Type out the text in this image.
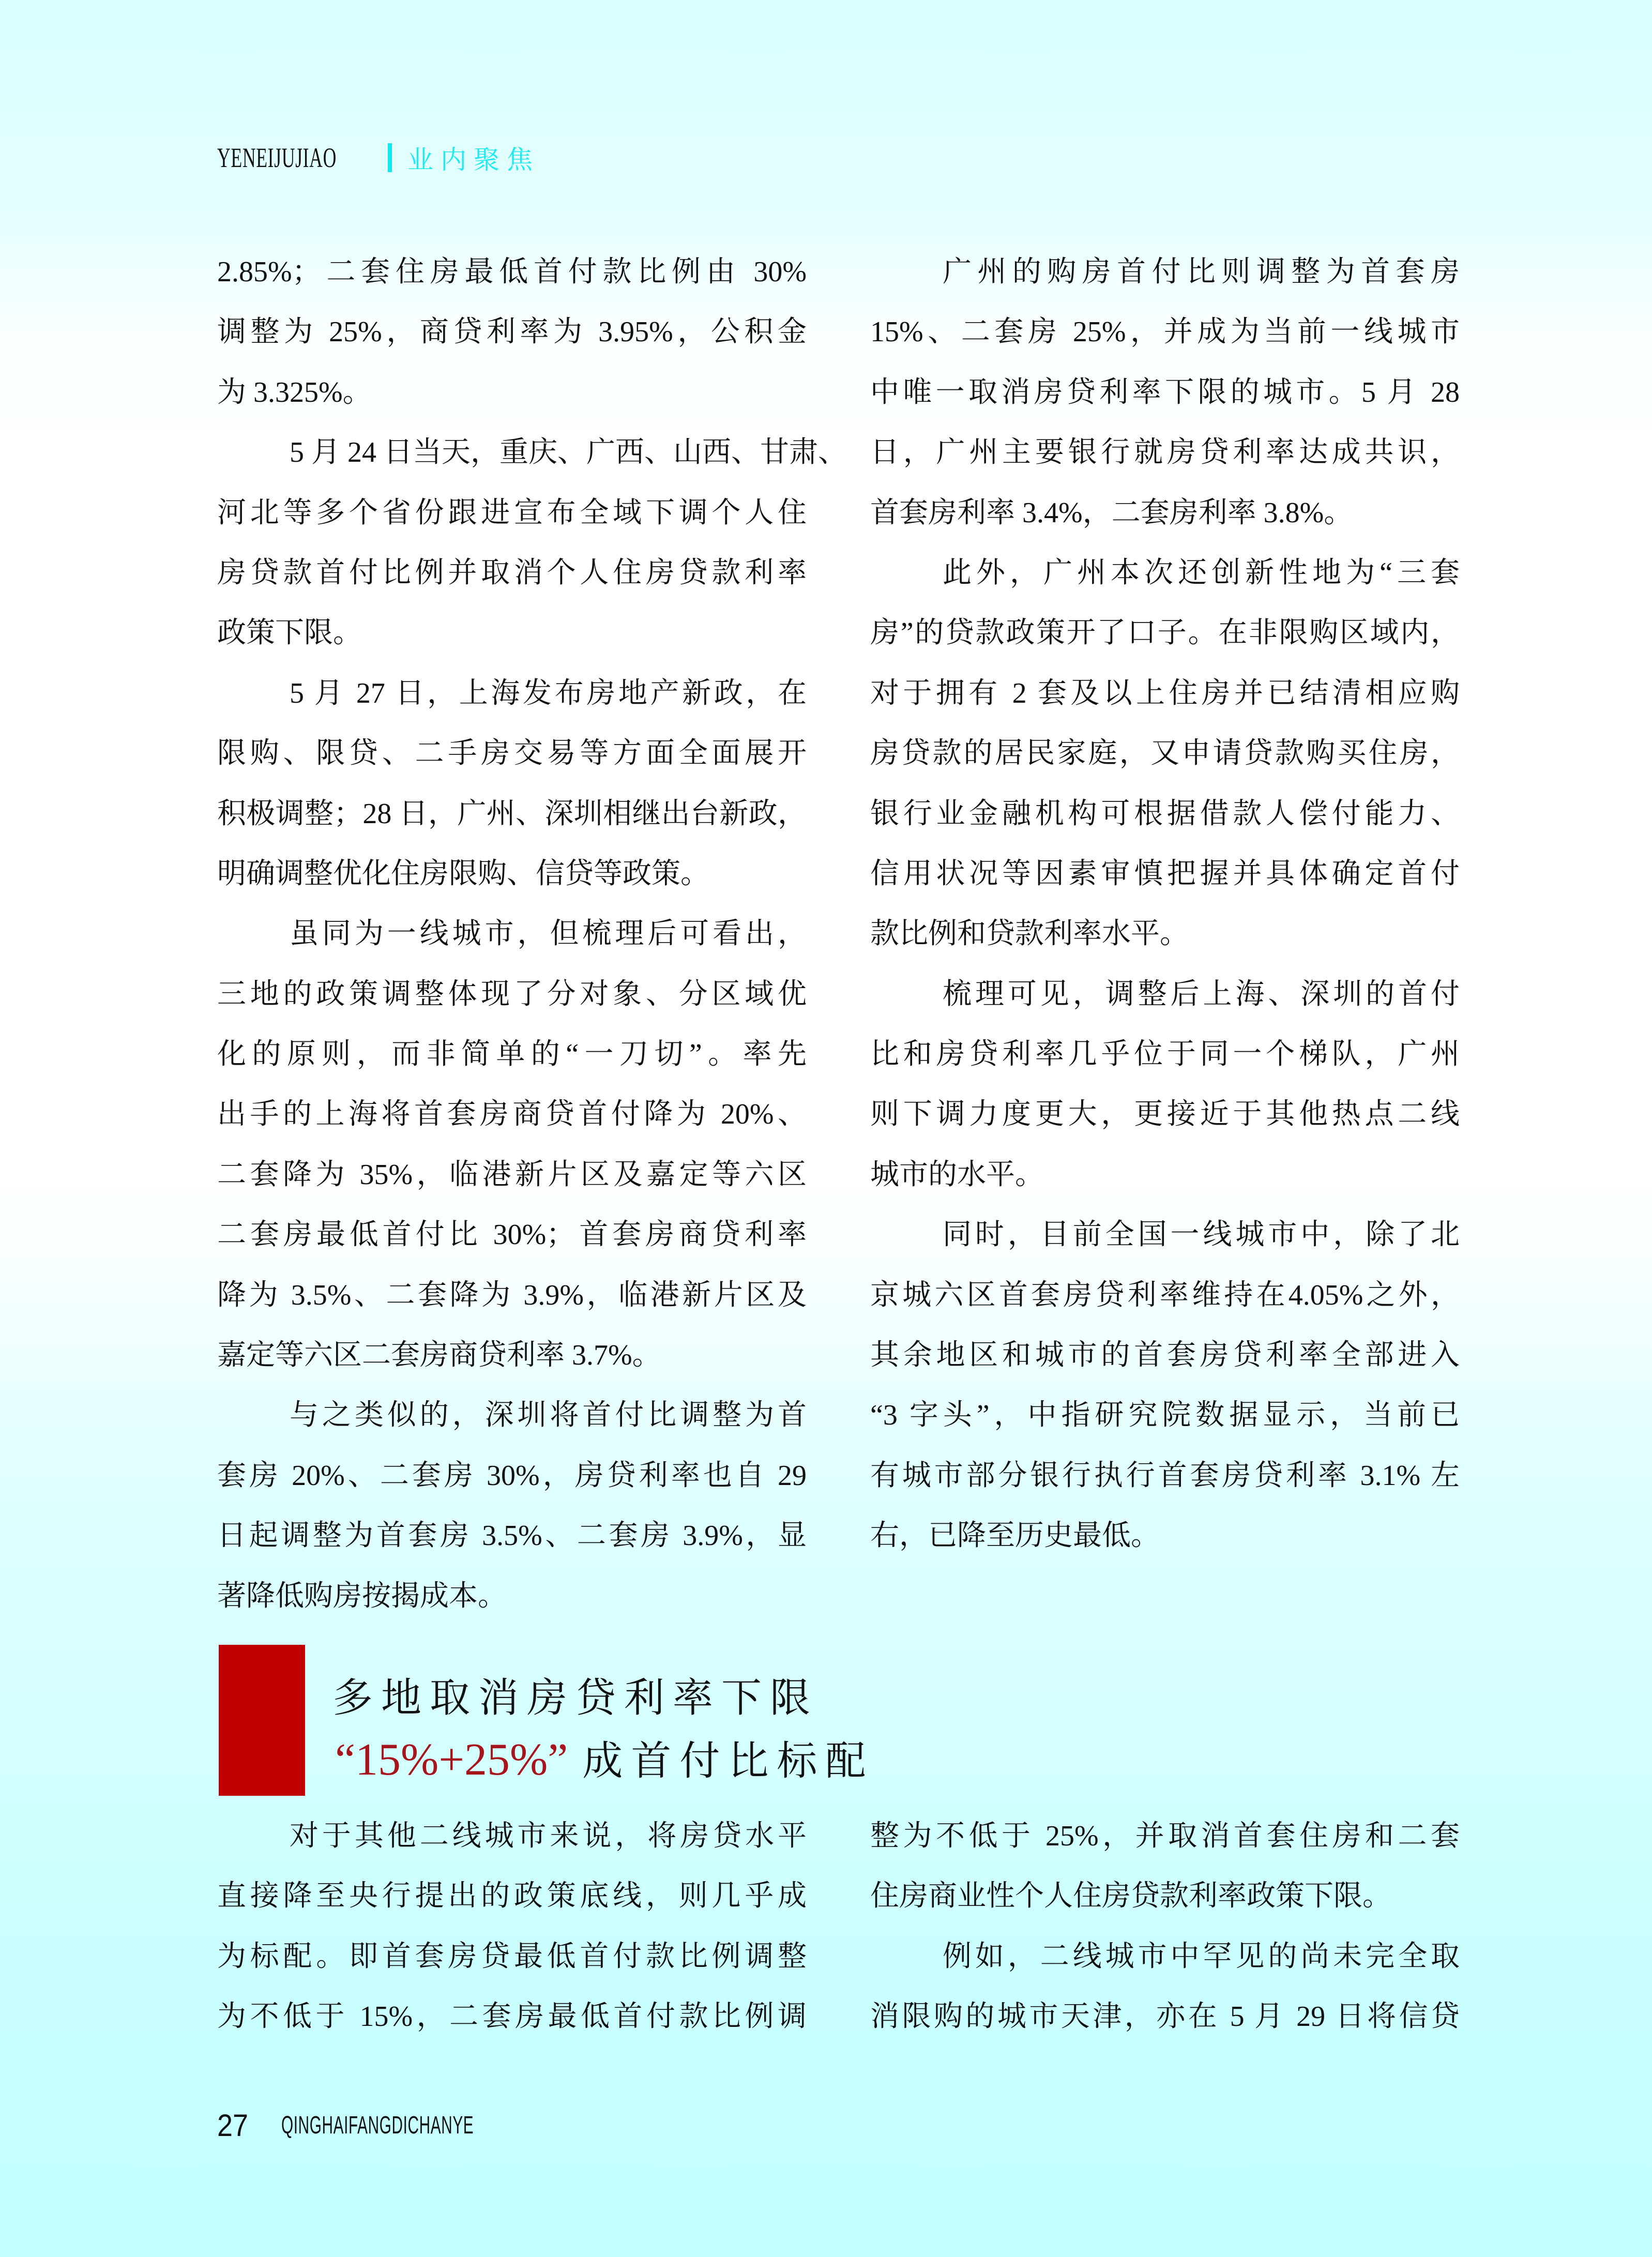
YENEIJUJIAO	业内聚焦
2.85%；二套住房最低首付款比例由 30%
调整为 25%，商贷利率为 3.95%，公积金
为 3.325%。
5 月 24 日当天，重庆、广西、山西、甘肃、
河北等多个省份跟进宣布全域下调个人住
房贷款首付比例并取消个人住房贷款利率
政策下限。
5 月 27 日，上海发布房地产新政，在
限购、限贷、二手房交易等方面全面展开
积极调整；28 日，广州、深圳相继出台新政，
明确调整优化住房限购、信贷等政策。
虽同为一线城市，但梳理后可看出，
三地的政策调整体现了分对象、分区域优
化的原则，而非简单的“一刀切”。率先
出手的上海将首套房商贷首付降为 20%、
二套降为 35%，临港新片区及嘉定等六区
二套房最低首付比 30%；首套房商贷利率
降为 3.5%、二套降为 3.9%，临港新片区及
嘉定等六区二套房商贷利率 3.7%。
与之类似的，深圳将首付比调整为首
套房 20%、二套房 30%，房贷利率也自 29
日起调整为首套房 3.5%、二套房 3.9%，显
著降低购房按揭成本。
广州的购房首付比则调整为首套房
15%、二套房 25%，并成为当前一线城市
中唯一取消房贷利率下限的城市。5 月 28
日，广州主要银行就房贷利率达成共识，
首套房利率 3.4%，二套房利率 3.8%。
此外，广州本次还创新性地为“三套
房”的贷款政策开了口子。在非限购区域内，
对于拥有 2 套及以上住房并已结清相应购
房贷款的居民家庭，又申请贷款购买住房，
银行业金融机构可根据借款人偿付能力、
信用状况等因素审慎把握并具体确定首付
款比例和贷款利率水平。
梳理可见，调整后上海、深圳的首付
比和房贷利率几乎位于同一个梯队，广州
则下调力度更大，更接近于其他热点二线
城市的水平。
同时，目前全国一线城市中，除了北
京城六区首套房贷利率维持在4.05%之外，
其余地区和城市的首套房贷利率全部进入
“3 字头”，中指研究院数据显示，当前已
有城市部分银行执行首套房贷利率 3.1% 左
右，已降至历史最低。
多地取消房贷利率下限
“15%+25%” 成首付比标配
对于其他二线城市来说，将房贷水平
直接降至央行提出的政策底线，则几乎成
为标配。即首套房贷最低首付款比例调整
为不低于 15%，二套房最低首付款比例调
整为不低于 25%，并取消首套住房和二套
住房商业性个人住房贷款利率政策下限。
例如，二线城市中罕见的尚未完全取
消限购的城市天津，亦在 5 月 29 日将信贷
27 QINGHAIFANGDICHANYE
